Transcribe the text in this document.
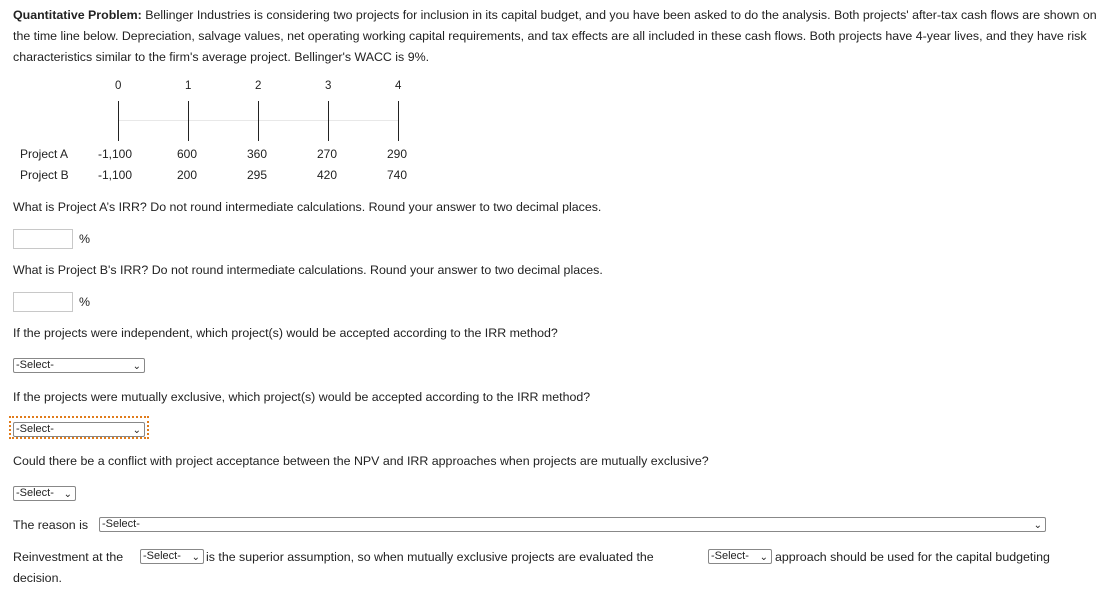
Quantitative Problem: Bellinger Industries is considering two projects for inclusion in its capital budget, and you have been asked to do the analysis. Both projects' after-tax cash flows are shown on the time line below. Depreciation, salvage values, net operating working capital requirements, and tax effects are all included in these cash flows. Both projects have 4-year lives, and they have risk characteristics similar to the firm's average project. Bellinger's WACC is 9%.
0	1	2	3	4
Project A -1,100	600	360	270	290
Project B -1,100	200	295	420	740
What is Project A’s IRR? Do not round intermediate calculations. Round your answer to two decimal places.
%
What is Project B's IRR? Do not round intermediate calculations. Round your answer to two decimal places.
%
If the projects were independent, which project(s) would be accepted according to the IRR method?
-Select-	⌄
If the projects were mutually exclusive, which project(s) would be accepted according to the IRR method?
-Select-	⌄
Could there be a conflict with project acceptance between the NPV and IRR approaches when projects are mutually exclusive?
-Select- ⌄
The reason is -Select-	⌄
Reinvestment at the -Select- ⌄ is the superior assumption, so when mutually exclusive projects are evaluated the	-Select- ⌄ approach should be used for the capital budgeting
decision.
